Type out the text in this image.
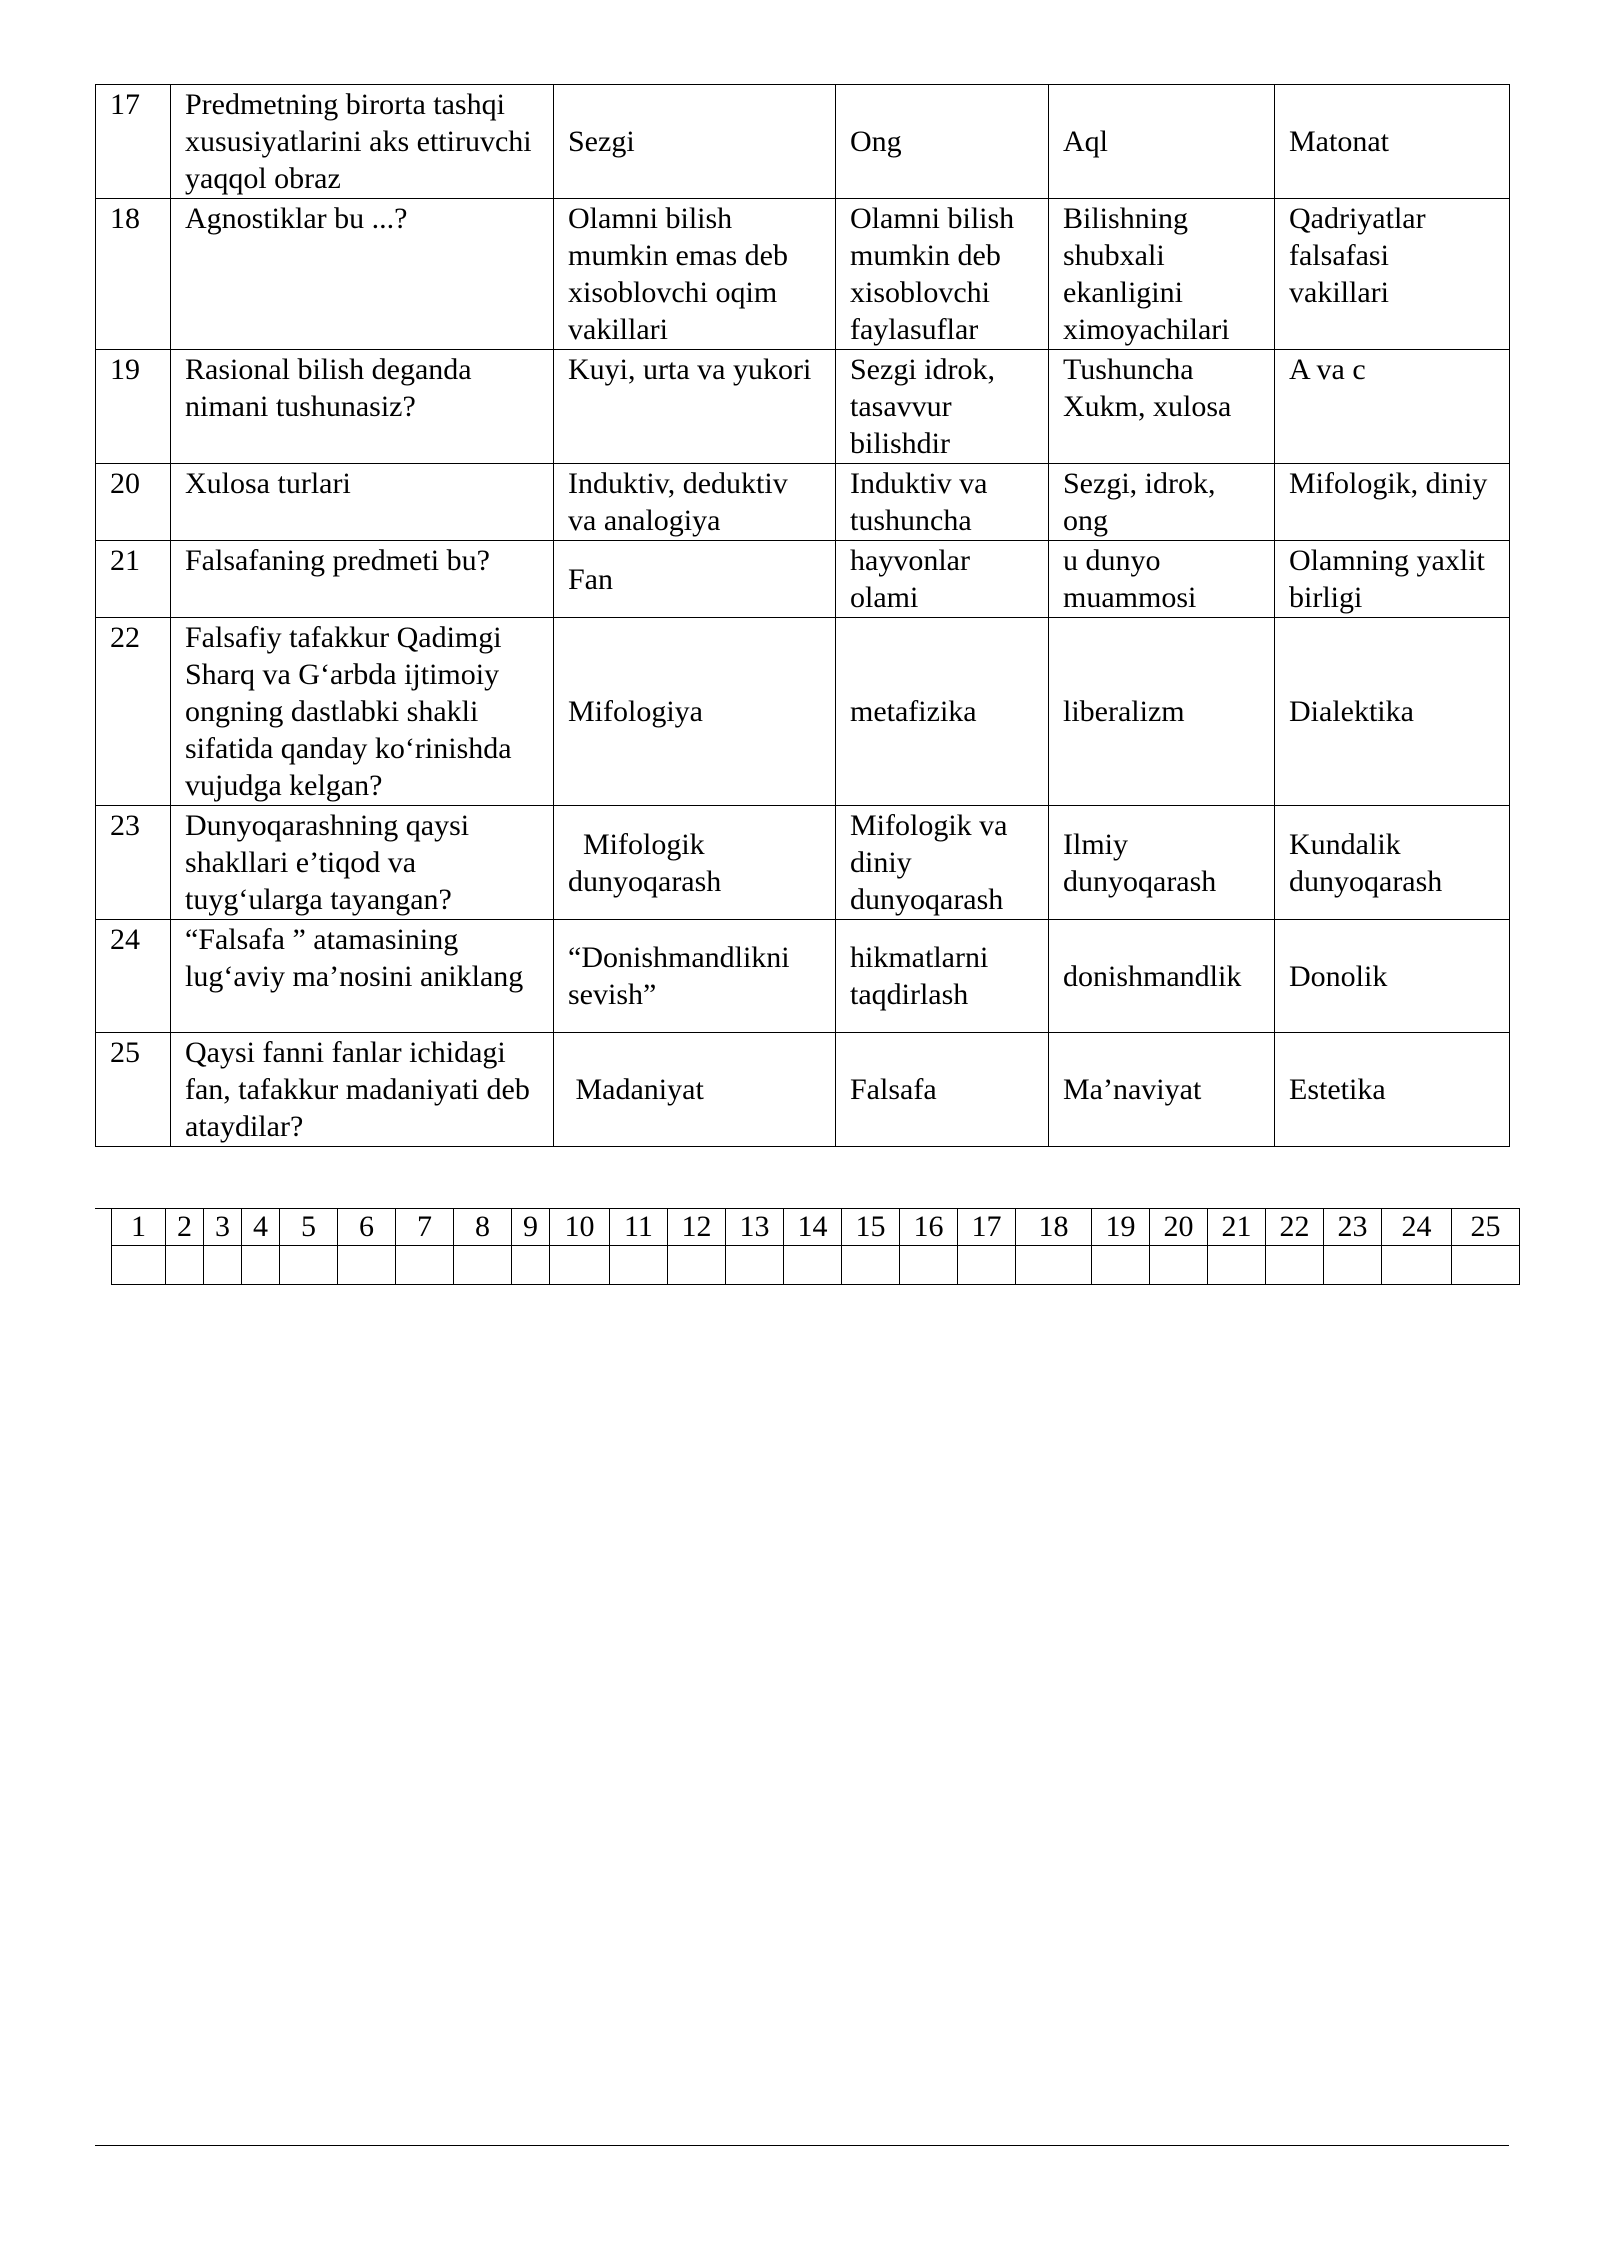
17	Predmetning birorta tashqi xususiyatlarini aks ettiruvchi yaqqol obraz	Sezgi	Ong	Aql	Matonat
18	Agnostiklar bu ...?	Olamni bilish mumkin emas deb xisoblovchi oqim vakillari	Olamni bilish mumkin deb xisoblovchi faylasuflar	Bilishning shubxali ekanligini ximoyachilari	Qadriyatlar falsafasi vakillari
19	Rasional bilish deganda nimani tushunasiz?	Kuyi, urta va yukori	Sezgi idrok, tasavvur bilishdir	Tushuncha Xukm, xulosa	A va c
20	Xulosa turlari	Induktiv, deduktiv va analogiya	Induktiv va tushuncha	Sezgi, idrok, ong	Mifologik, diniy
21	Falsafaning predmeti bu?	Fan	hayvonlar olami	u dunyo muammosi	Olamning yaxlit birligi
22	Falsafiy tafakkur Qadimgi Sharq va G‘arbda ijtimoiy ongning dastlabki shakli sifatida qanday ko‘rinishda vujudga kelgan?	Mifologiya	metafizika	liberalizm	Dialektika
23	Dunyoqarashning qaysi shakllari e’tiqod va tuyg‘ularga tayangan?	Mifologik dunyoqarash	Mifologik va diniy dunyoqarash	Ilmiy dunyoqarash	Kundalik dunyoqarash
24	“Falsafa ” atamasining lug‘aviy ma’nosini aniklang	“Donishmandlikni sevish”	hikmatlarni taqdirlash	donishmandlik	Donolik
25	Qaysi fanni fanlar ichidagi fan, tafakkur madaniyati deb ataydilar?	Madaniyat	Falsafa	Ma’naviyat	Estetika
1	2	3	4	5	6	7	8	9	10	11	12	13	14	15	16	17	18	19	20	21	22	23	24	25
